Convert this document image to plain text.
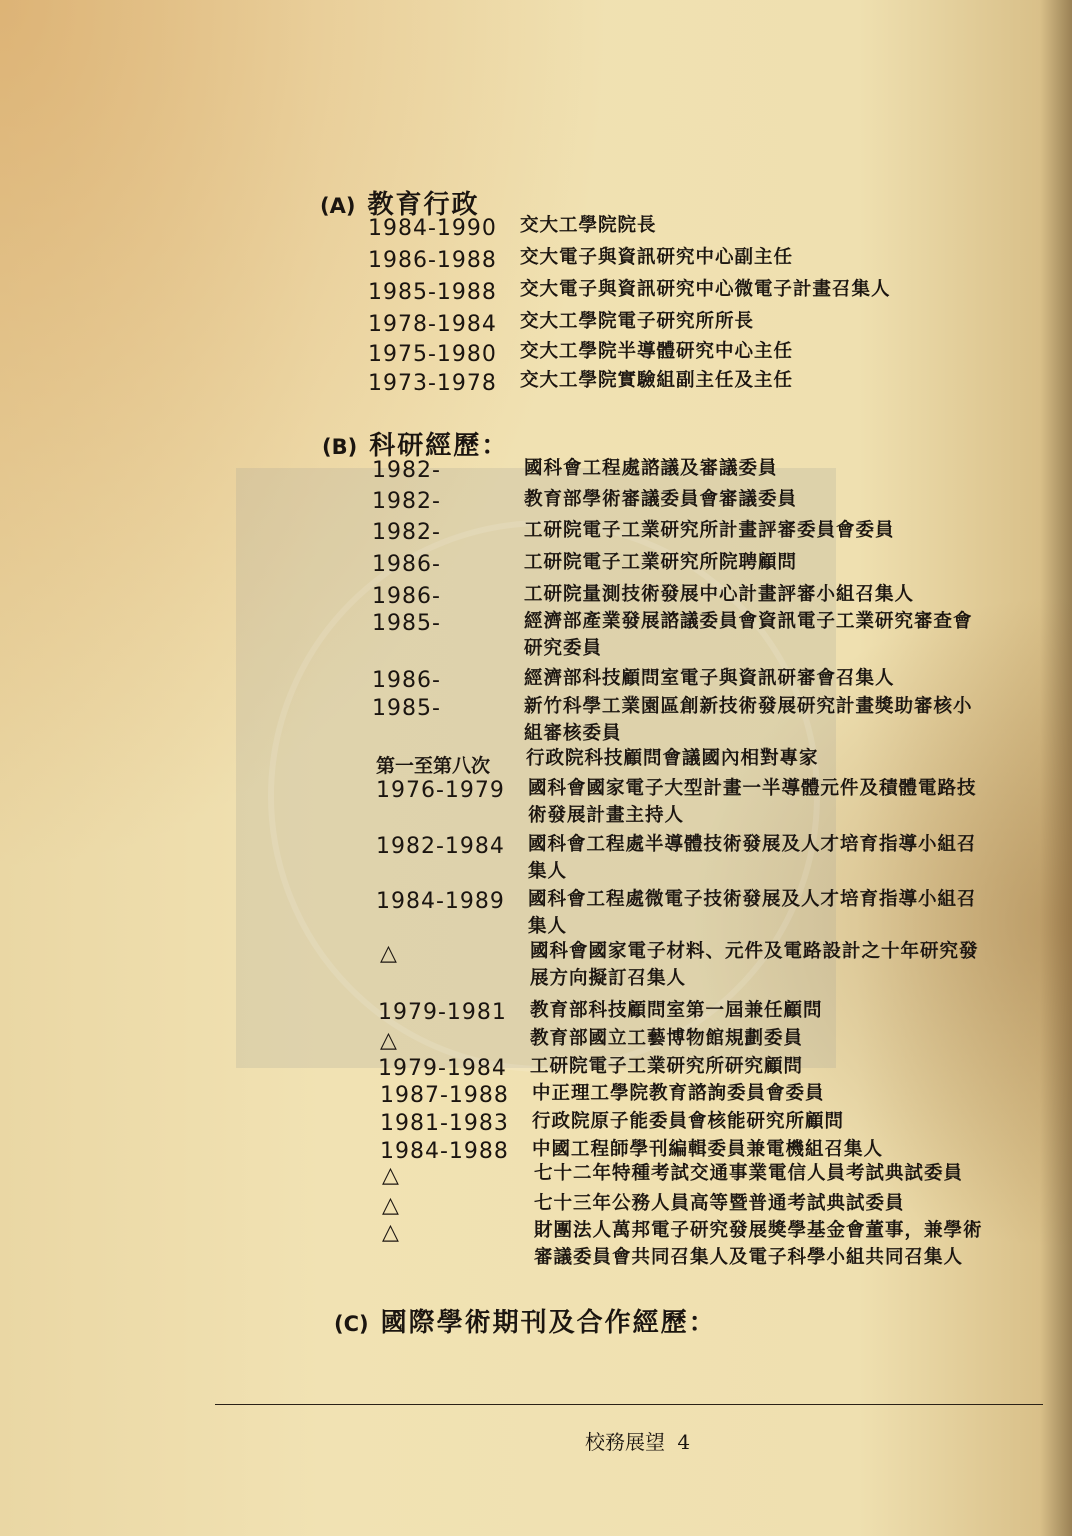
(A) 教育行政
1984-1990 交大工學院院長
1986-1988 交大電子與資訊研究中心副主任
1985-1988 交大電子與資訊研究中心微電子計畫召集人
1978-1984 交大工學院電子研究所所長
1975-1980 交大工學院半導體研究中心主任
1973-1978 交大工學院實驗組副主任及主任
(B) 科研經歷：
1982-	國科會工程處諮議及審議委員
1982-	教育部學術審議委員會審議委員
1982-	工研院電子工業研究所計畫評審委員會委員
1986-	工研院電子工業研究所院聘顧問
1986-	工研院量測技術發展中心計畫評審小組召集人
1985-	經濟部產業發展諮議委員會資訊電子工業研究審查會
研究委員
1986-	經濟部科技顧問室電子與資訊研審會召集人
1985-	新竹科學工業園區創新技術發展研究計畫獎助審核小
組審核委員
第一至第八次 行政院科技顧問會議國內相對專家
1976-1979 國科會國家電子大型計畫一半導體元件及積體電路技
術發展計畫主持人
1982-1984 國科會工程處半導體技術發展及人才培育指導小組召
集人
1984-1989 國科會工程處微電子技術發展及人才培育指導小組召
集人
△	國科會國家電子材料、元件及電路設計之十年研究發
展方向擬訂召集人
1979-1981 教育部科技顧問室第一屆兼任顧問
△	教育部國立工藝博物館規劃委員
1979-1984 工研院電子工業研究所研究顧問
1987-1988 中正理工學院教育諮詢委員會委員
1981-1983 行政院原子能委員會核能研究所顧問
1984-1988 中國工程師學刊編輯委員兼電機組召集人
△	七十二年特種考試交通事業電信人員考試典試委員
△	七十三年公務人員高等暨普通考試典試委員
△	財團法人萬邦電子研究發展獎學基金會董事，兼學術
審議委員會共同召集人及電子科學小組共同召集人
(C) 國際學術期刊及合作經歷：
校務展望 4
